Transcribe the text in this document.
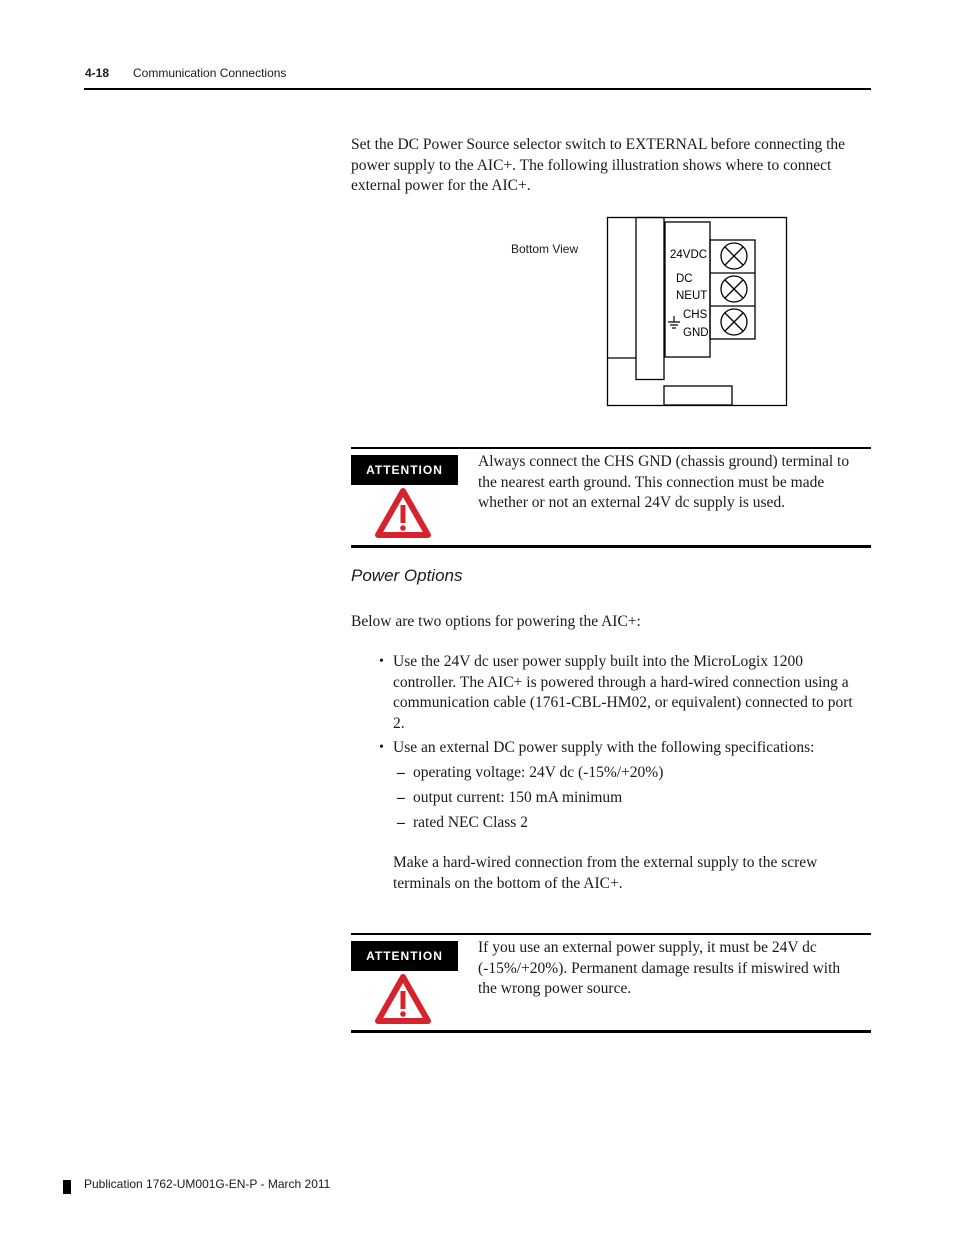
4-18 Communication Connections
Set the DC Power Source selector switch to EXTERNAL before connecting the power supply to the AIC+. The following illustration shows where to connect external power for the AIC+.
Bottom View	24VDC
DC
NEUT
CHS
GND
ATTENTION	Always connect the CHS GND (chassis ground) terminal to the nearest earth ground. This connection must be made whether or not an external 24V dc supply is used.
Power Options
Below are two options for powering the AIC+:
• Use the 24V dc user power supply built into the MicroLogix 1200 controller. The AIC+ is powered through a hard-wired connection using a communication cable (1761-CBL-HM02, or equivalent) connected to port 2.
• Use an external DC power supply with the following specifications:
– operating voltage: 24V dc (-15%/+20%)
– output current: 150 mA minimum
– rated NEC Class 2
Make a hard-wired connection from the external supply to the screw terminals on the bottom of the AIC+.
ATTENTION	If you use an external power supply, it must be 24V dc (-15%/+20%). Permanent damage results if miswired with the wrong power source.
Publication 1762-UM001G-EN-P - March 2011
